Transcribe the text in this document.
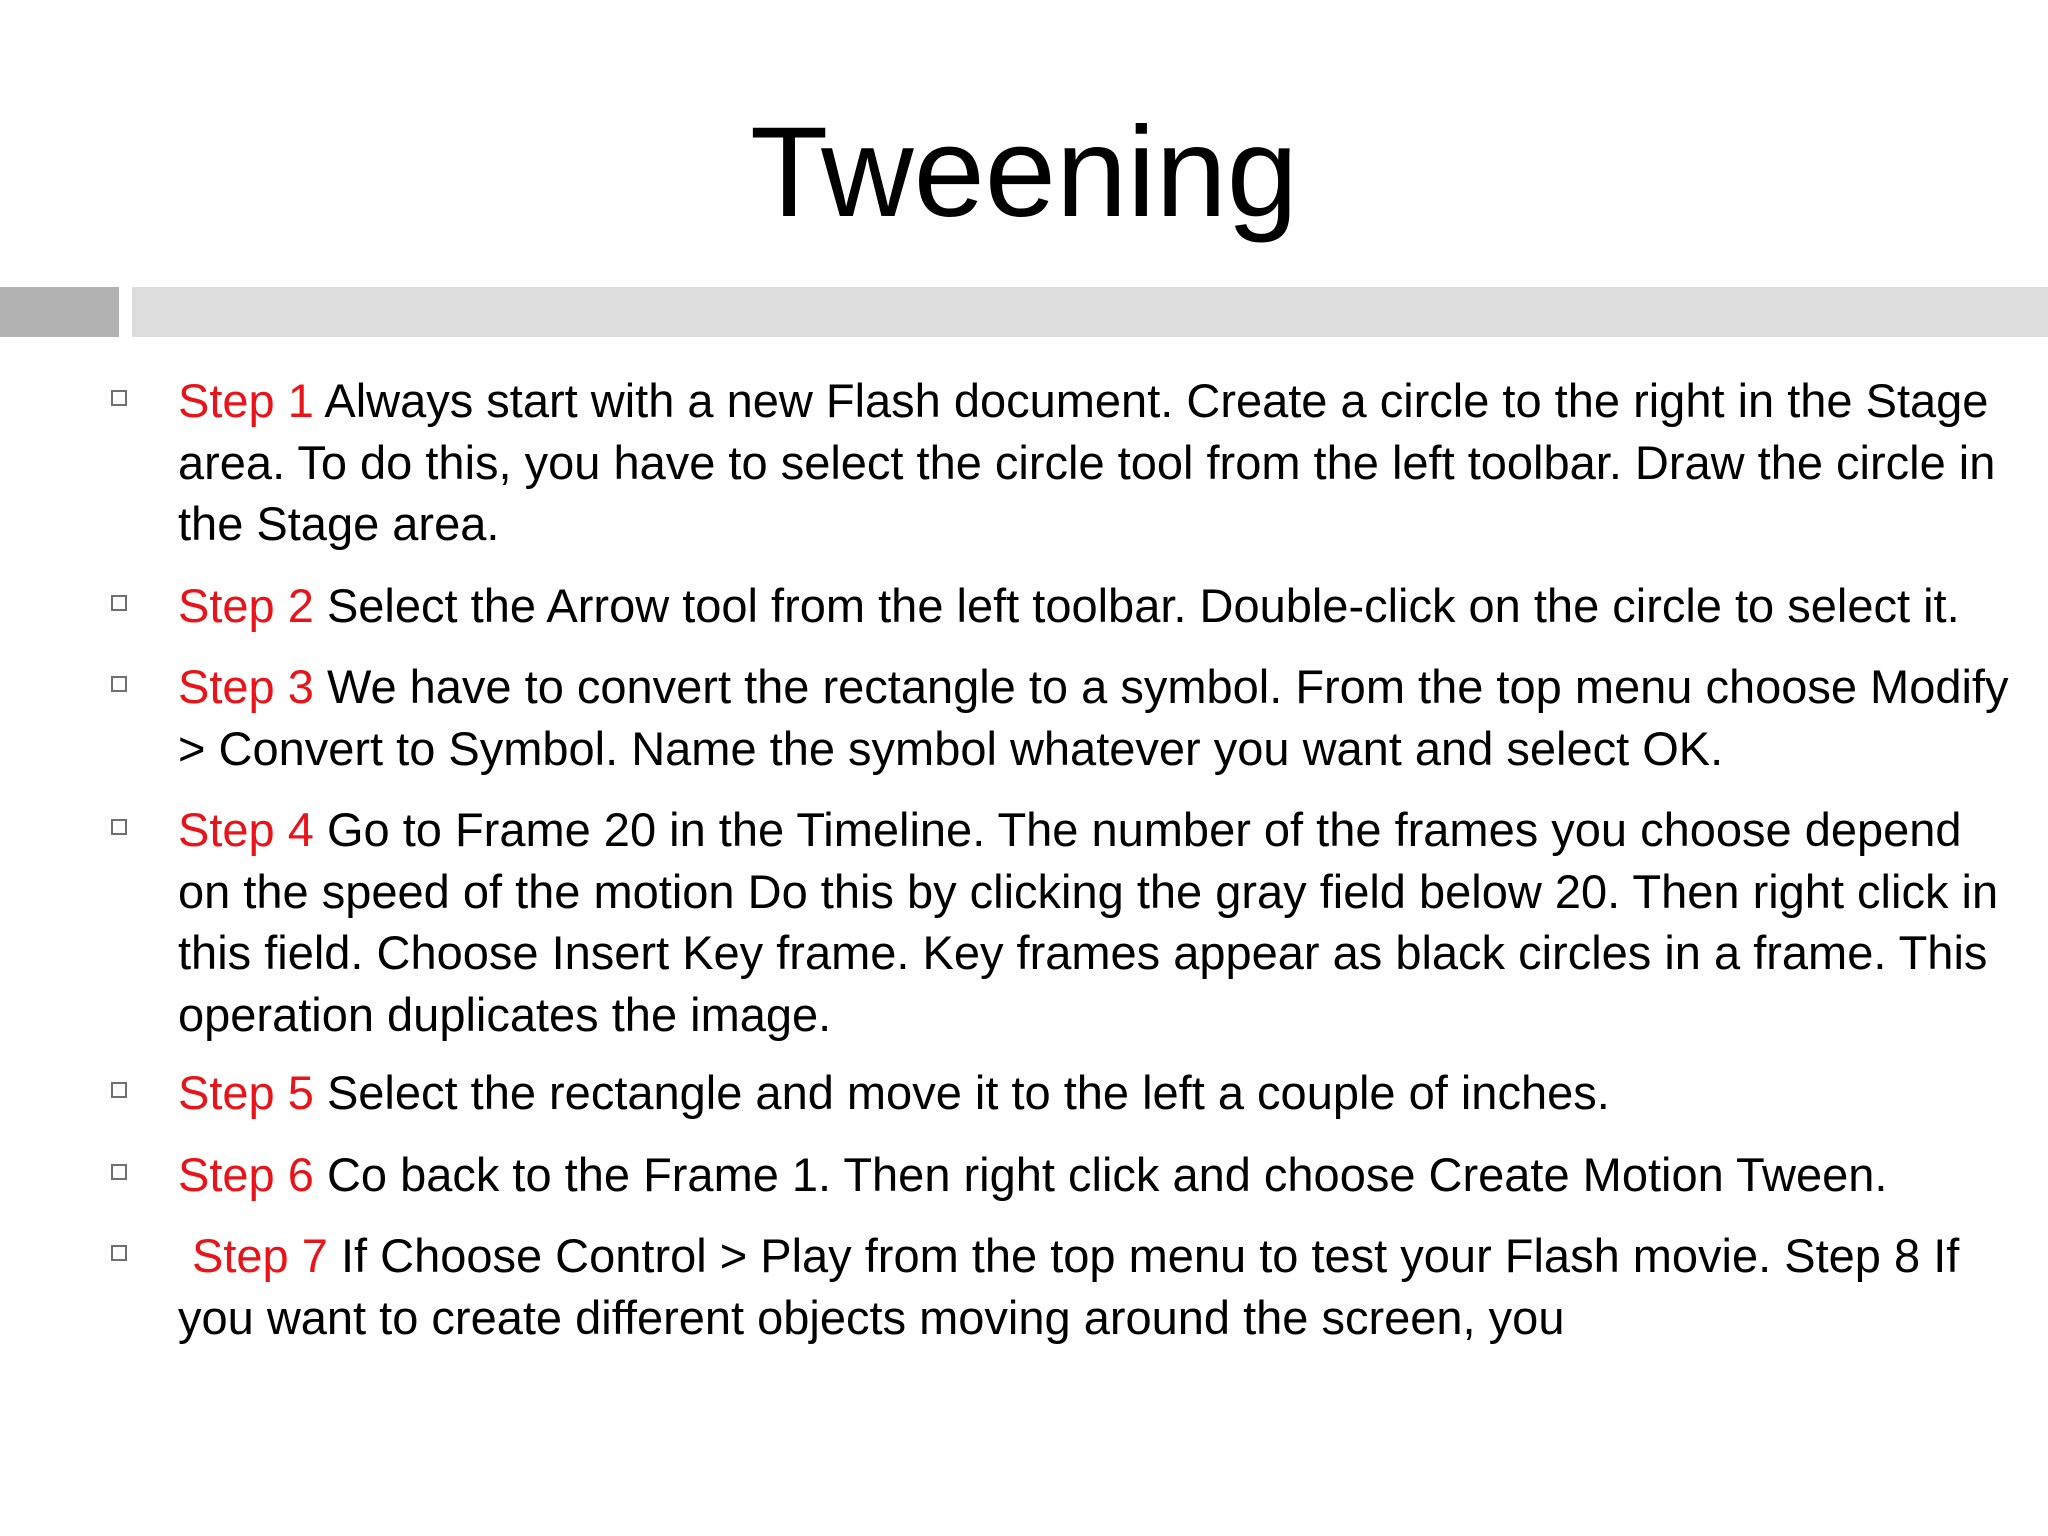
Tweening
Step 1 Always start with a new Flash document. Create a circle to the right in the Stage area. To do this, you have to select the circle tool from the left toolbar. Draw the circle in the Stage area.
Step 2 Select the Arrow tool from the left toolbar. Double-click on the circle to select it.
Step 3 We have to convert the rectangle to a symbol. From the top menu choose Modify > Convert to Symbol. Name the symbol whatever you want and select OK.
Step 4 Go to Frame 20 in the Timeline. The number of the frames you choose depend on the speed of the motion Do this by clicking the gray field below 20. Then right click in this field. Choose Insert Key frame. Key frames appear as black circles in a frame. This operation duplicates the image.
Step 5 Select the rectangle and move it to the left a couple of inches.
Step 6 Co back to the Frame 1. Then right click and choose Create Motion Tween.
Step 7 If Choose Control > Play from the top menu to test your Flash movie. Step 8 If you want to create different objects moving around the screen, you
